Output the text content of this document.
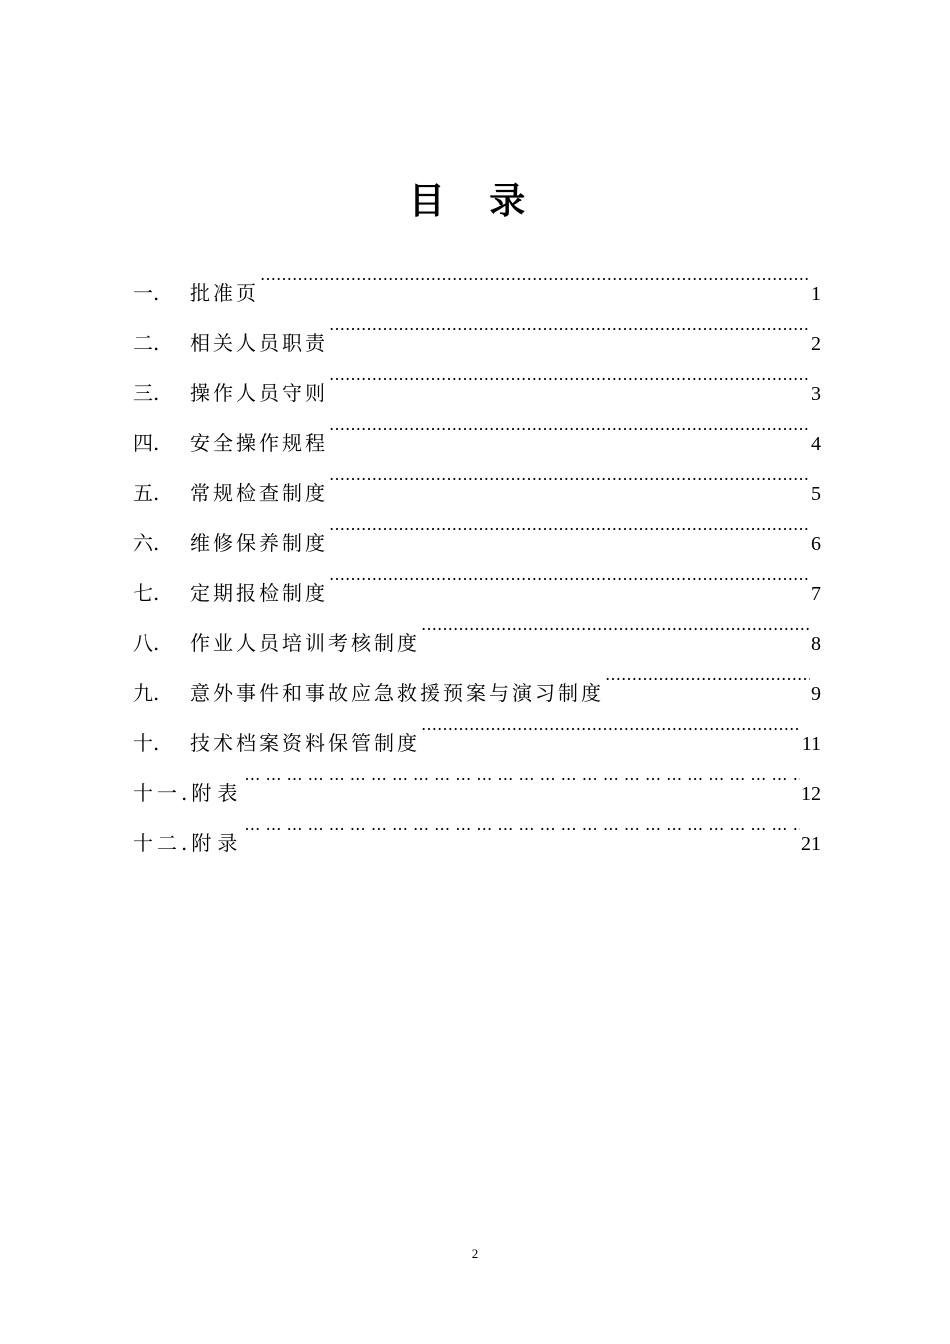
目 录
一.	批准页 ………………………………………………………………………………………………………………………………………………	1
二.	相关人员职责 ………………………………………………………………………………………………………………………………………………	2
三.	操作人员守则 ………………………………………………………………………………………………………………………………………………	3
四.	安全操作规程 ………………………………………………………………………………………………………………………………………………	4
五.	常规检查制度 ………………………………………………………………………………………………………………………………………………	5
六.	维修保养制度 ………………………………………………………………………………………………………………………………………………	6
七.	定期报检制度 ………………………………………………………………………………………………………………………………………………	7
八.	作业人员培训考核制度 ………………………………………………………………………………………………………………………………………………	8
九.	意外事件和事故应急救援预案与演习制度 ………………………………………………………………………………………………………………………………………………	9
十.	技术档案资料保管制度 ………………………………………………………………………………………………………………………………………………	11
十一. 附表 … … … … … … … … … … … … … … … … … … … … … … … … … … … … … … … … … … … … … … … … … …	12
十二. 附录 … … … … … … … … … … … … … … … … … … … … … … … … … … … … … … … … … … … … … … … … … …	21
2
